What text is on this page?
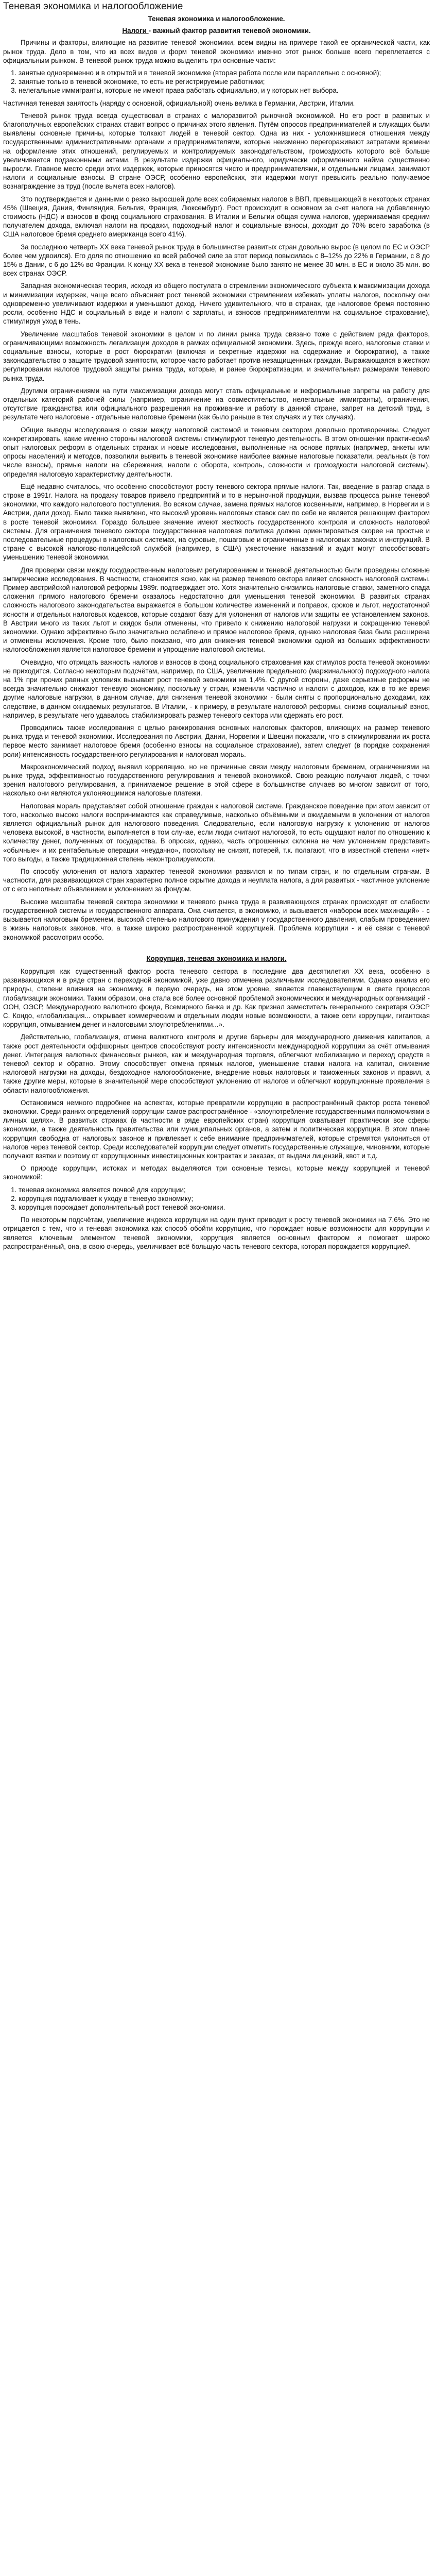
Теневая экономика и налогообложение
Теневая экономика и налогообложение.
Налоги - важный фактор развития теневой экономики.

Причины и факторы, влияющие на развитие теневой экономики, всем видны на примере такой ее органической части, как рынок труда. Дело в том, что из всех видов и форм теневой экономики именно этот рынок больше всего переплетается с официальным рынком. В теневой рынок труда можно выделить три основные части:

1. занятые одновременно и в открытой и в теневой экономике (вторая работа после или параллельно с основной);
2. занятые только в теневой экономике, то есть не регистрируемые работники;
3. нелегальные иммигранты, которые не имеют права работать официально, и у которых нет выбора.

Частичная теневая занятость (наряду с основной, официальной) очень велика в Германии, Австрии, Италии.

Теневой рынок труда всегда существовал в странах с малоразвитой рыночной экономикой. Но его рост в развитых и благополучных европейских странах ставит вопрос о причинах этого явления. Путём опросов предпринимателей и служащих были выявлены основные причины, которые толкают людей в теневой сектор. Одна из них - усложнившиеся отношения между государственными административными органами и предпринимателями, которые неизменно перегораживают затратами времени на оформление этих отношений, регулируемых и контролируемых законодательством, громоздкость которого всё больше увеличивается подзаконными актами. В результате издержки официального, юридически оформленного найма существенно выросли. Главное место среди этих издержек, которые приносятся чисто и предпринимателями, и отдельными лицами, занимают налоги и социальные взносы. В стране ОЭСР, особенно европейских, эти издержки могут превысить реально получаемое вознаграждение за труд (после вычета всех налогов).

Это подтверждается и данными о резко выросшей доле всех собираемых налогов в ВВП, превышающей в некоторых странах 45% (Швеция, Дания, Финляндия, Бельгия, Франция, Люксембург). Рост происходит в основном за счет налога на добавленную стоимость (НДС) и взносов в фонд социального страхования. В Италии и Бельгии общая сумма налогов, удерживаемая средним получателем дохода, включая налоги на продажи, подоходный налог и социальные взносы, доходит до 70% всего заработка (в США налоговое бремя среднего американца всего 41%).

За последнюю четверть XX века теневой рынок труда в большинстве развитых стран довольно вырос (в целом по ЕС и ОЭСР более чем удвоился). Его доля по отношению ко всей рабочей силе за этот период повысилась с 8–12% до 22% в Германии, с 8 до 15% в Дании, с 6 до 12% во Франции. К концу XX века в теневой экономике было занято не менее 30 млн. в ЕС и около 35 млн. во всех странах ОЭСР.

Западная экономическая теория, исходя из общего постулата о стремлении экономического субъекта к максимизации дохода и минимизации издержек, чаще всего объясняет рост теневой экономики стремлением избежать уплаты налогов, поскольку они одновременно увеличивают издержки и уменьшают доход. Ничего удивительного, что в странах, где налоговое бремя постоянно росли, особенно НДС и социальный в виде и налоги с зарплаты, и взносов предпринимателями на социальное страхование), стимулируя уход в тень.

Увеличение масштабов теневой экономики в целом и по линии рынка труда связано тоже с действием ряда факторов, ограничивающими возможность легализации доходов в рамках официальной экономики. Здесь, прежде всего, налоговые ставки и социальные взносы, которые в рост бюрократии (включая и секретные издержки на содержание и бюрократию), а также законодательство о защите трудовой занятости, которое часто работает против незащищенных граждан. Выражающаяся в жестком регулировании налогов трудовой защиты рынка труда, которые, и ранее бюрократизации, и значительным размерами теневого рынка труда.

Другими ограничениями на пути максимизации дохода могут стать официальные и неформальные запреты на работу для отдельных категорий рабочей силы (например, ограничение на совместительство, нелегальные иммигранты), ограничения, отсутствие гражданства или официального разрешения на проживание и работу в данной стране, запрет на детский труд, в результате чего налоговые - отдельные налоговые бремени (как было раньше в тех случаях и у тех случаях).

Общие выводы исследования о связи между налоговой системой и теневым сектором довольно противоречивы. Следует конкретизировать, какие именно стороны налоговой системы стимулируют теневую деятельность. В этом отношении практический опыт налоговых реформ в отдельных странах и новые исследования, выполненные на основе прямых (например, анкеты или опросы населения) и методов, позволили выявить в теневой экономике наиболее важные налоговые показатели, реальных (в том числе взносы), прямые налоги на сбережения, налоги с оборота, контроль, сложности и громоздкости налоговой системы), определяя налоговую характеристику деятельности.

Ещё недавно считалось, что особенно способствуют росту теневого сектора прямые налоги. Так, введение в разгар спада в строке в 1991г. Налога на продажу товаров привело предприятий и то в нерыночной продукции, вызвав процесса рынке теневой экономики, что каждого налогового поступления. Во всяком случае, замена прямых налогов косвенными, например, в Норвегии и в Австрии, дали доход. Было также выявлено, что высокий уровень налоговых ставок сам по себе не является решающим фактором в росте теневой экономики. Гораздо большее значение имеют жесткость государственного контроля и сложность налоговой системы. Для ограничения теневого сектора государственная налоговая политика должна ориентироваться скорее на простые и последовательные процедуры в налоговых системах, на суровые, пошаговые и ограниченные в налоговых законах и инструкций. В стране с высокой налогово-полицейской службой (например, в США) ужесточение наказаний и аудит могут способствовать уменьшению теневой экономики.

Для проверки связи между государственным налоговым регулированием и теневой деятельностью были проведены сложные эмпирические исследования. В частности, становится ясно, как на размер теневого сектора влияет сложность налоговой системы. Пример австрийской налоговой реформы 1989г. подтверждает это. Хотя значительно снизились налоговые ставки, заметного спада сложения прямого налогового бремени оказалось недостаточно для уменьшения теневой экономики. В развитых странах сложность налогового законодательства выражается в большом количестве изменений и поправок, сроков и льгот, недостаточной ясности и отдельных налоговых кодексов, которые создают базу для уклонения от налогов или защиты ее установлением законов. В Австрии много из таких льгот и скидок были отменены, что привело к снижению налоговой нагрузки и сокращению теневой экономики. Однако эффективно было значительно ослаблено и прямое налоговое бремя, однако налоговая база была расширена и отменены исключения. Кроме того, было показано, что для снижения теневой экономики одной из больших эффективности налогообложения является налоговое бремени и упрощение налоговой системы.

Очевидно, что отрицать важность налогов и взносов в фонд социального страхования как стимулов роста теневой экономики не приходится. Согласно некоторым подсчётам, например, по США, увеличение предельного (маржинального) подоходного налога на 1% при прочих равных условиях вызывает рост теневой экономики на 1,4%. С другой стороны, даже серьезные реформы не всегда значительно снижают теневую экономику, поскольку у стран, изменили частично и налоги с доходов, как в то же время другие налоговые нагрузки, в данном случае, для снижения теневой экономики - были сняты с пропорционально доходами, как следствие, в данном ожидаемых результатов. В Италии, - к примеру, в результате налоговой реформы, снизив социальный взнос, например, в результате чего удавалось стабилизировать размер теневого сектора или сдержать его рост.

Проводились также исследования с целью ранжирования основных налоговых факторов, влияющих на размер теневого рынка труда и теневой экономики. Исследования по Австрии, Дании, Норвегии и Швеции показали, что в стимулировании их роста первое место занимает налоговое бремя (особенно взносы на социальное страхование), затем следует (в порядке сохранения роли) интенсивность государственного регулирования и налоговая мораль.

Макроэкономический подход выявил корреляцию, но не причинные связи между налоговым бременем, ограничениями на рынке труда, эффективностью государственного регулирования и теневой экономикой. Свою реакцию получают людей, с точки зрения налогового регулирования, а принимаемое решение в этой сфере в большинстве случаев во многом зависит от того, насколько они являются уклоняющимися налоговые платежи.

Налоговая мораль представляет собой отношение граждан к налоговой системе. Гражданское поведение при этом зависит от того, насколько высоко налоги воспринимаются как справедливые, насколько объёмными и ожидаемыми в уклонении от налогов является официальный рынок для налогового поведения. Следовательно, если налоговую нагрузку к уклонению от налогов человека высокой, в частности, выполняется в том случае, если люди считают налоговой, то есть ощущают налог по отношению к количеству денег, полученных от государства. В опросах, однако, часть опрошенных склонна не чем уклонением представить «обычные» и их рентабельные операции «неудачно», поскольку не снизят, потерей, т.к. полагают, что в известной степени «нет» того выгоды, а также традиционная степень неконтролируемости.

По способу уклонения от налога характер теневой экономики развился и по типам стран, и по отдельным странам. В частности, для развивающихся стран характерно полное скрытие дохода и неуплата налога, а для развитых - частичное уклонение от с его неполным объявлением и уклонением за фондом.

Высокие масштабы теневой сектора экономики и теневого рынка труда в развивающихся странах происходят от слабости государственной системы и государственного аппарата. Она считается, в экономико, и вызывается «набором всех махинаций» - с вызывается налоговым бременем, высокой степенью налогового принуждения у государственного давления, слабым проведением в жизнь налоговых законов, что, а также широко распространенной коррупцией. Проблема коррупции - и её связи с теневой экономикой рассмотрим особо.

Коррупция, теневая экономика и налоги.

Коррупция как существенный фактор роста теневого сектора в последние два десятилетия XX века, особенно в развивающихся и в ряде стран с переходной экономикой, уже давно отмечена различными исследователями. Однако анализ его природы, степени влияния на экономику, в первую очередь, на этом уровне, является главенствующим в свете процессов глобализации экономики. Таким образом, она стала всё более основной проблемой экономических и международных организаций - ООН, ОЭСР, Международного валютного фонда, Всемирного банка и др. Как признал заместитель генерального секретаря ОЭСР С. Кондо, «глобализация... открывает коммерческим и отдельным людям новые возможности, а также сети коррупции, гигантская коррупция, отмыванием денег и налоговыми злоупотреблениями...».

Действительно, глобализация, отмена валютного контроля и другие барьеры для международного движения капиталов, а также рост деятельности оффшорных центров способствуют росту интенсивности международной коррупции за счёт отмывания денег. Интеграция валютных финансовых рынков, как и международная торговля, облегчают мобилизацию и переход средств в теневой сектор и обратно. Этому способствует отмена прямых налогов, уменьшение ставки налога на капитал, снижение налоговой нагрузки на доходы, бездоходное налогообложение, внедрение новых налоговых и таможенных законов и правил, а также другие меры, которые в значительной мере способствуют уклонению от налогов и облегчают коррупционные проявления в области налогообложения.

Остановимся немного подробнее на аспектах, которые превратили коррупцию в распространённый фактор роста теневой экономики. Среди ранних определений коррупции самое распространённое - «злоупотребление государственными полномочиями в личных целях». В развитых странах (в частности в ряде европейских стран) коррупция охватывает практически все сферы экономики, а также деятельность правительства или муниципальных органов, а затем и политическая коррупция. В этом плане коррупция свободна от налоговых законов и привлекает к себе внимание предпринимателей, которые стремятся уклониться от налогов через теневой сектор. Среди исследователей коррупции следует отметить государственные служащие, чиновники, которые получают взятки и поэтому от коррупционных инвестиционных контрактах и заказах, от выдачи лицензий, квот и т.д.

О природе коррупции, истоках и методах выделяются три основные тезисы, которые между коррупцией и теневой экономикой:

1. теневая экономика является почвой для коррупции;
2. коррупция подталкивает к уходу в теневую экономику;
3. коррупция порождает дополнительный рост теневой экономики.

По некоторым подсчётам, увеличение индекса коррупции на один пункт приводит к росту теневой экономики на 7,6%. Это не отрицается с тем, что и теневая экономика как способ обойти коррупцию, что порождает новые возможности для коррупции и является ключевым элементом теневой экономики, коррупция является основным фактором и помогает широко распространённый, она, в свою очередь, увеличивает всё большую часть теневого сектора, которая порождается коррупцией.
